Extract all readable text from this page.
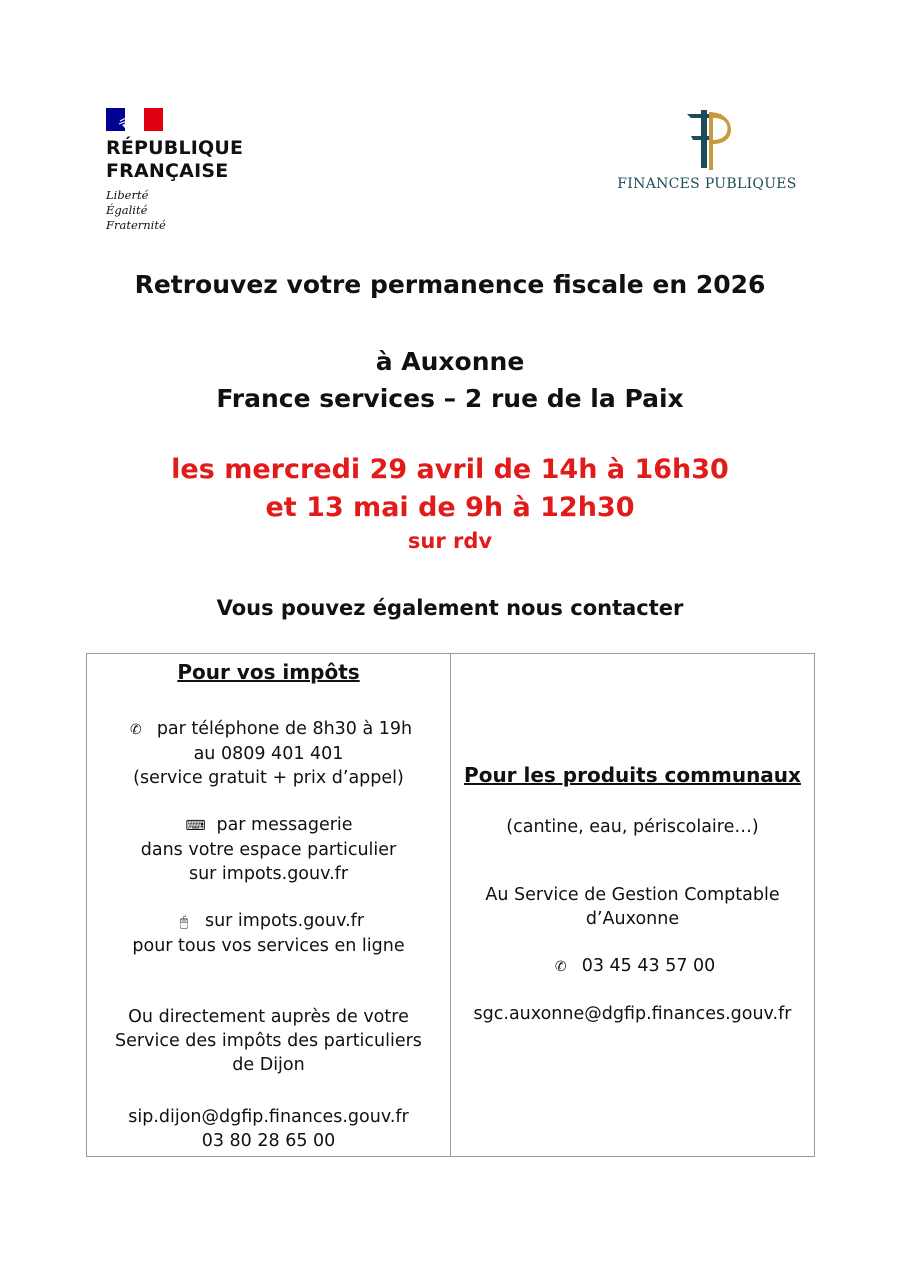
RÉPUBLIQUE
FRANÇAISE
Liberté
Égalité
Fraternité
FINANCES PUBLIQUES
Retrouvez votre permanence fiscale en 2026
à Auxonne
France services – 2 rue de la Paix
les mercredi 29 avril de 14h à 16h30
et 13 mai de 9h à 12h30
sur rdv
Vous pouvez également nous contacter
Pour vos impôts
✆ par téléphone de 8h30 à 19h
au 0809 401 401
(service gratuit + prix d’appel)
⌨ par messagerie
dans votre espace particulier
sur impots.gouv.fr
🖱 sur impots.gouv.fr
pour tous vos services en ligne
Ou directement auprès de votre
Service des impôts des particuliers
de Dijon
sip.dijon@dgfip.finances.gouv.fr
03 80 28 65 00

Pour les produits communaux
(cantine, eau, périscolaire…)
Au Service de Gestion Comptable
d’Auxonne
✆ 03 45 43 57 00
sgc.auxonne@dgfip.finances.gouv.fr
